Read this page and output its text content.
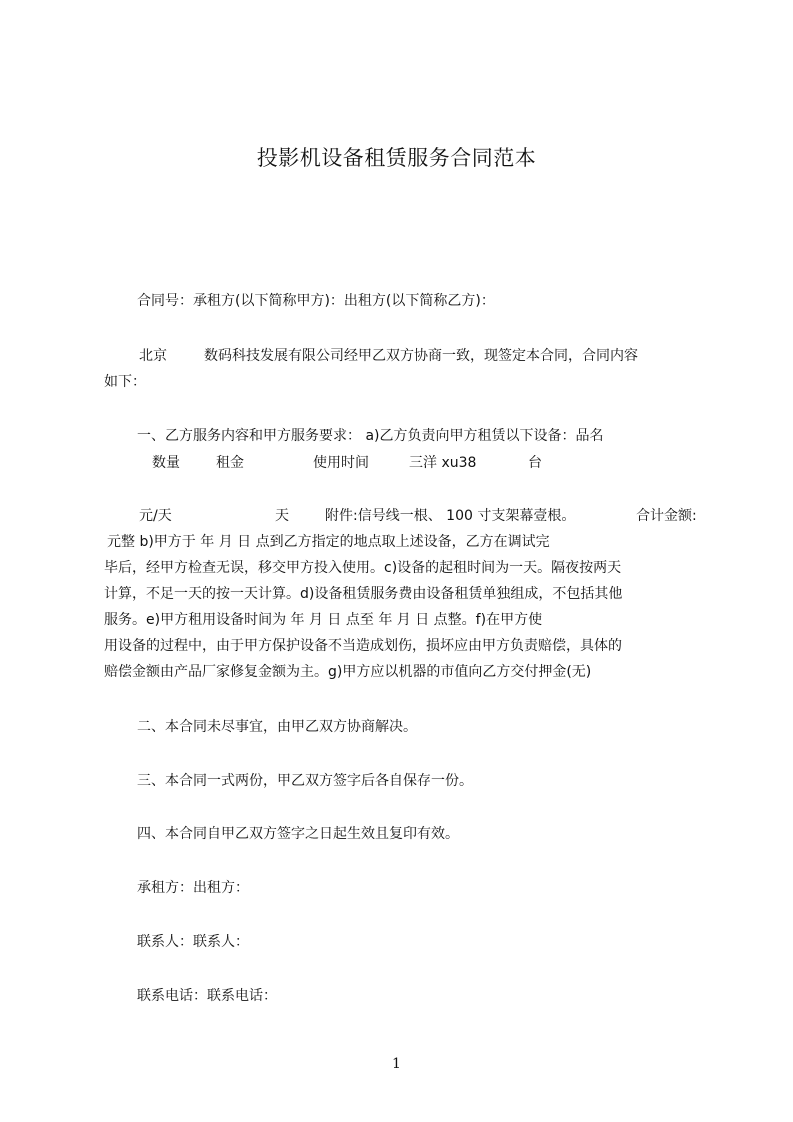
投影机设备租赁服务合同范本
合同号：承租方(以下简称甲方)：出租方(以下简称乙方)：
北京	数码科技发展有限公司经甲乙双方协商一致，现签定本合同，合同内容
如下：
一、乙方服务内容和甲方服务要求： a)乙方负责向甲方租赁以下设备：品名
数量	租金	使用时间	三洋 xu38	台
元/天	天	附件:信号线一根、 100 寸支架幕壹根。	合计金额:
元整 b)甲方于 年 月 日 点到乙方指定的地点取上述设备，乙方在调试完
毕后，经甲方检查无误，移交甲方投入使用。c)设备的起租时间为一天。隔夜按两天
计算，不足一天的按一天计算。d)设备租赁服务费由设备租赁单独组成，不包括其他
服务。e)甲方租用设备时间为 年 月 日 点至 年 月 日 点整。f)在甲方使
用设备的过程中，由于甲方保护设备不当造成划伤，损坏应由甲方负责赔偿，具体的
赔偿金额由产品厂家修复金额为主。g)甲方应以机器的市值向乙方交付押金(无)
二、本合同未尽事宜，由甲乙双方协商解决。
三、本合同一式两份，甲乙双方签字后各自保存一份。
四、本合同自甲乙双方签字之日起生效且复印有效。
承租方：出租方：
联系人：联系人：
联系电话：联系电话：
1
